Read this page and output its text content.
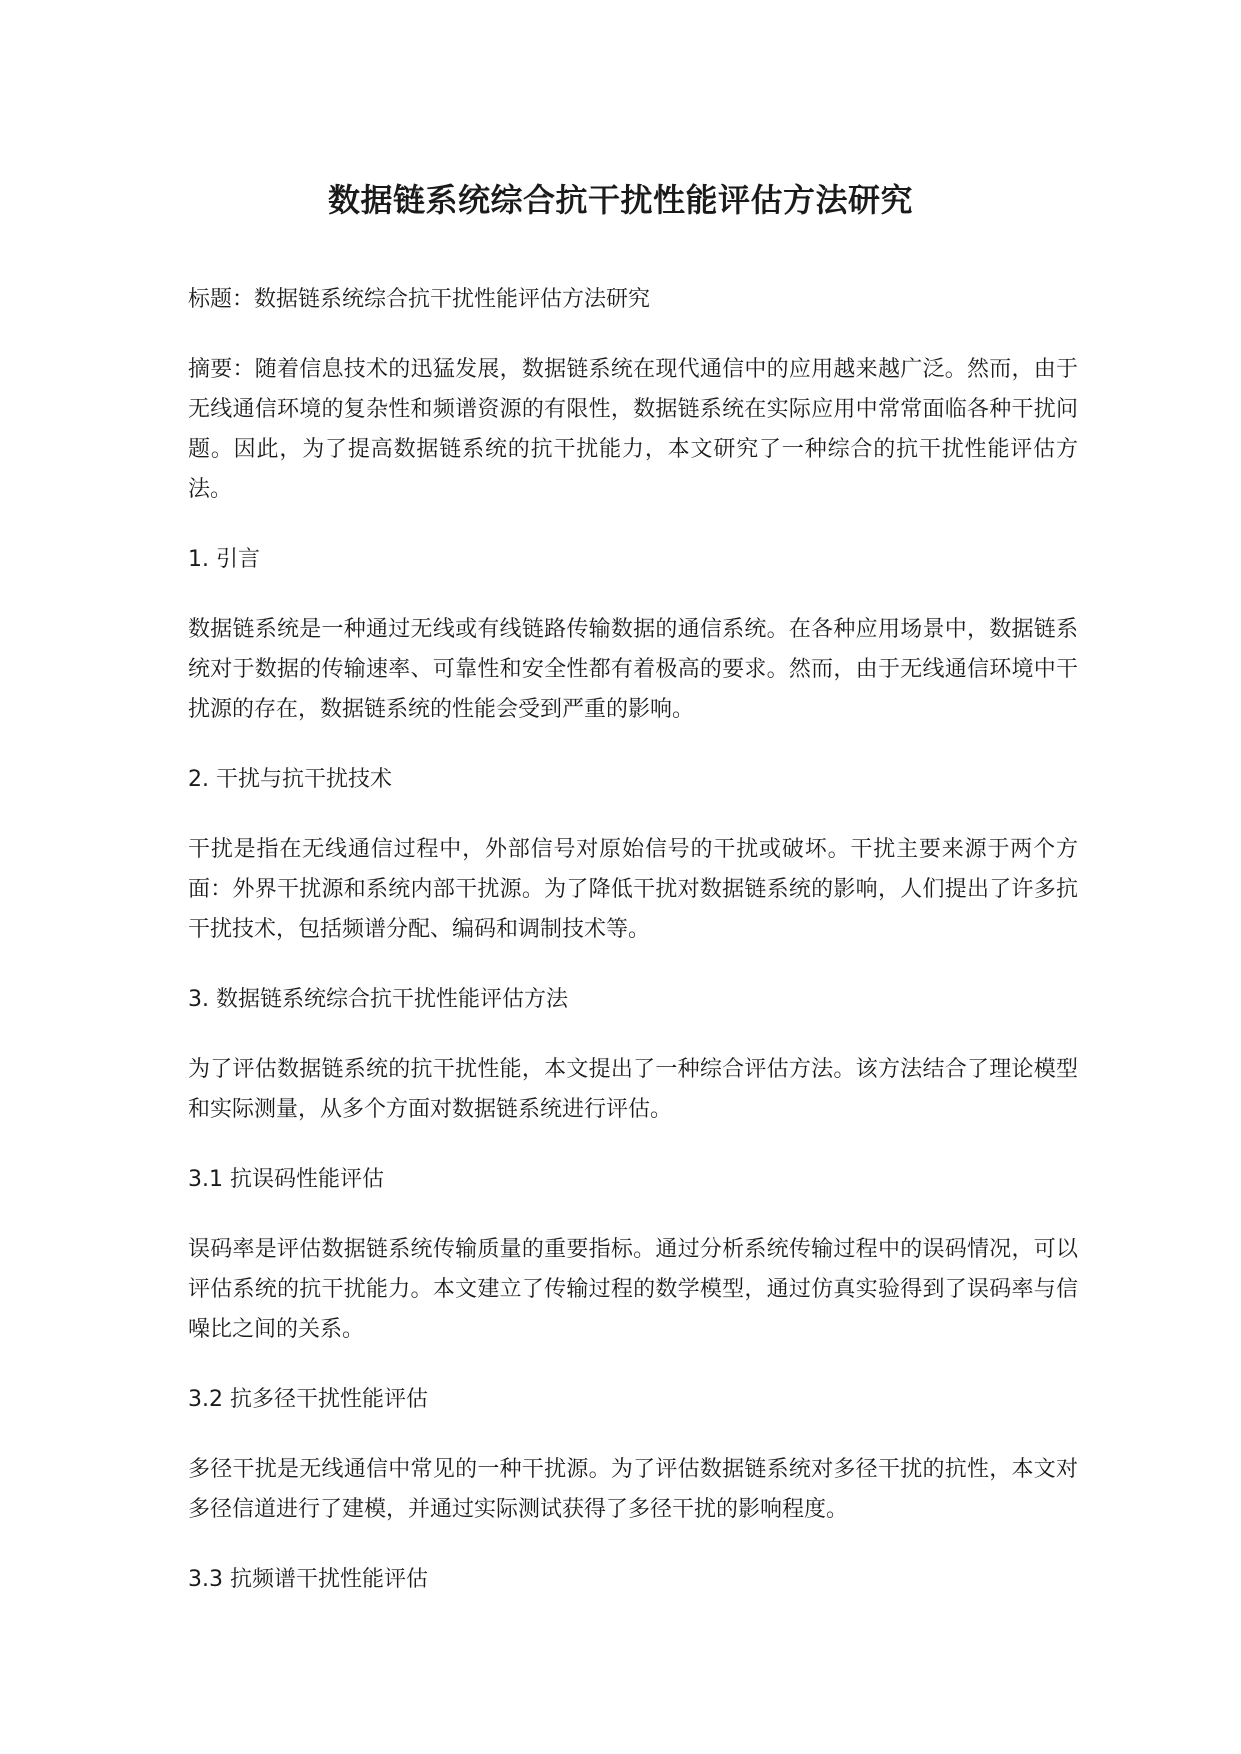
数据链系统综合抗干扰性能评估方法研究

标题：数据链系统综合抗干扰性能评估方法研究

摘要：随着信息技术的迅猛发展，数据链系统在现代通信中的应用越来越广泛。然而，由于无线通信环境的复杂性和频谱资源的有限性，数据链系统在实际应用中常常面临各种干扰问题。因此，为了提高数据链系统的抗干扰能力，本文研究了一种综合的抗干扰性能评估方法。

1. 引言

数据链系统是一种通过无线或有线链路传输数据的通信系统。在各种应用场景中，数据链系统对于数据的传输速率、可靠性和安全性都有着极高的要求。然而，由于无线通信环境中干扰源的存在，数据链系统的性能会受到严重的影响。

2. 干扰与抗干扰技术

干扰是指在无线通信过程中，外部信号对原始信号的干扰或破坏。干扰主要来源于两个方面：外界干扰源和系统内部干扰源。为了降低干扰对数据链系统的影响，人们提出了许多抗干扰技术，包括频谱分配、编码和调制技术等。

3. 数据链系统综合抗干扰性能评估方法

为了评估数据链系统的抗干扰性能，本文提出了一种综合评估方法。该方法结合了理论模型和实际测量，从多个方面对数据链系统进行评估。

3.1 抗误码性能评估

误码率是评估数据链系统传输质量的重要指标。通过分析系统传输过程中的误码情况，可以评估系统的抗干扰能力。本文建立了传输过程的数学模型，通过仿真实验得到了误码率与信噪比之间的关系。

3.2 抗多径干扰性能评估

多径干扰是无线通信中常见的一种干扰源。为了评估数据链系统对多径干扰的抗性，本文对多径信道进行了建模，并通过实际测试获得了多径干扰的影响程度。

3.3 抗频谱干扰性能评估
